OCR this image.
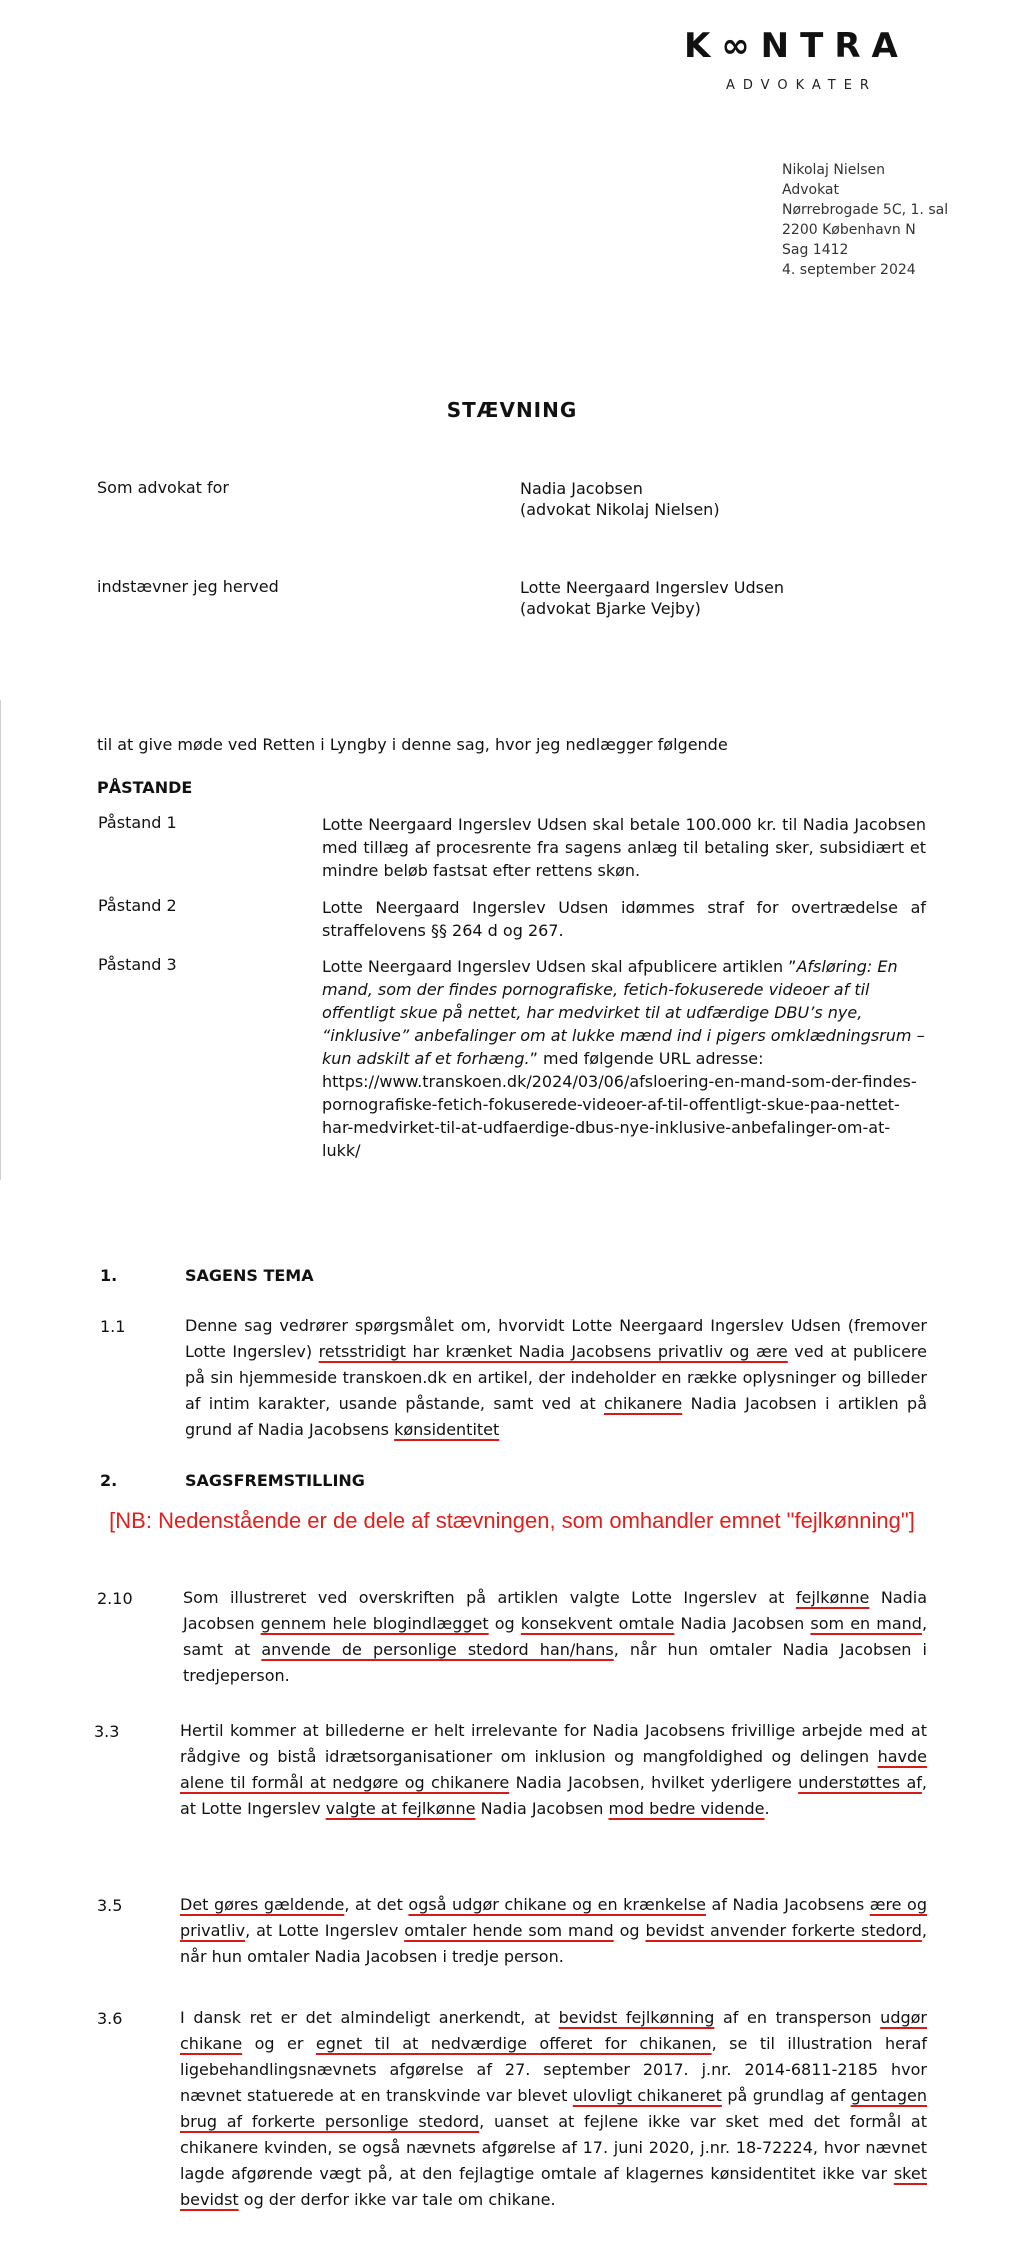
K∞NTRA
ADVOKATER
Nikolaj Nielsen
Advokat
Nørrebrogade 5C, 1. sal
2200 København N
Sag 1412
4. september 2024
STÆVNING
Som advokat for	Nadia Jacobsen
(advokat Nikolaj Nielsen)
indstævner jeg herved	Lotte Neergaard Ingerslev Udsen
(advokat Bjarke Vejby)
til at give møde ved Retten i Lyngby i denne sag, hvor jeg nedlægger følgende
PÅSTANDE
Påstand 1	Lotte Neergaard Ingerslev Udsen skal betale 100.000 kr. til Nadia Jacobsen med tillæg af procesrente fra sagens anlæg til betaling sker, subsidiært et mindre beløb fastsat efter rettens skøn.
Påstand 2	Lotte Neergaard Ingerslev Udsen idømmes straf for overtrædelse af straffelovens §§ 264 d og 267.
Påstand 3	Lotte Neergaard Ingerslev Udsen skal afpublicere artiklen ”Afsløring: En mand, som der findes pornografiske, fetich-fokuserede videoer af til offentligt skue på nettet, har medvirket til at udfærdige DBU’s nye, “inklusive” anbefalinger om at lukke mænd ind i pigers omklædningsrum – kun adskilt af et forhæng.” med følgende URL adresse: https://www.transkoen.dk/2024/03/06/afsloering-en-mand-som-der-findes-pornografiske-fetich-fokuserede-videoer-af-til-offentligt-skue-paa-nettet-har-medvirket-til-at-udfaerdige-dbus-nye-inklusive-anbefalinger-om-at-lukk/
1.	SAGENS TEMA
1.1	Denne sag vedrører spørgsmålet om, hvorvidt Lotte Neergaard Ingerslev Udsen (fremover Lotte Ingerslev) retsstridigt har krænket Nadia Jacobsens privatliv og ære ved at publicere på sin hjemmeside transkoen.dk en artikel, der indeholder en række oplysninger og billeder af intim karakter, usande påstande, samt ved at chikanere Nadia Jacobsen i artiklen på grund af Nadia Jacobsens kønsidentitet
2.	SAGSFREMSTILLING
[NB: Nedenstående er de dele af stævningen, som omhandler emnet "fejlkønning"]
2.10	Som illustreret ved overskriften på artiklen valgte Lotte Ingerslev at fejlkønne Nadia Jacobsen gennem hele blogindlægget og konsekvent omtale Nadia Jacobsen som en mand, samt at anvende de personlige stedord han/hans, når hun omtaler Nadia Jacobsen i tredjeperson.
3.3	Hertil kommer at billederne er helt irrelevante for Nadia Jacobsens frivillige arbejde med at rådgive og bistå idrætsorganisationer om inklusion og mangfoldighed og delingen havde alene til formål at nedgøre og chikanere Nadia Jacobsen, hvilket yderligere understøttes af, at Lotte Ingerslev valgte at fejlkønne Nadia Jacobsen mod bedre vidende.
3.5	Det gøres gældende, at det også udgør chikane og en krænkelse af Nadia Jacobsens ære og privatliv, at Lotte Ingerslev omtaler hende som mand og bevidst anvender forkerte stedord, når hun omtaler Nadia Jacobsen i tredje person.
3.6	I dansk ret er det almindeligt anerkendt, at bevidst fejlkønning af en transperson udgør chikane og er egnet til at nedværdige offeret for chikanen, se til illustration heraf ligebehandlingsnævnets afgørelse af 27. september 2017. j.nr. 2014-6811-2185 hvor nævnet statuerede at en transkvinde var blevet ulovligt chikaneret på grundlag af gentagen brug af forkerte personlige stedord, uanset at fejlene ikke var sket med det formål at chikanere kvinden, se også nævnets afgørelse af 17. juni 2020, j.nr. 18-72224, hvor nævnet lagde afgørende vægt på, at den fejlagtige omtale af klagernes kønsidentitet ikke var sket bevidst og der derfor ikke var tale om chikane.
